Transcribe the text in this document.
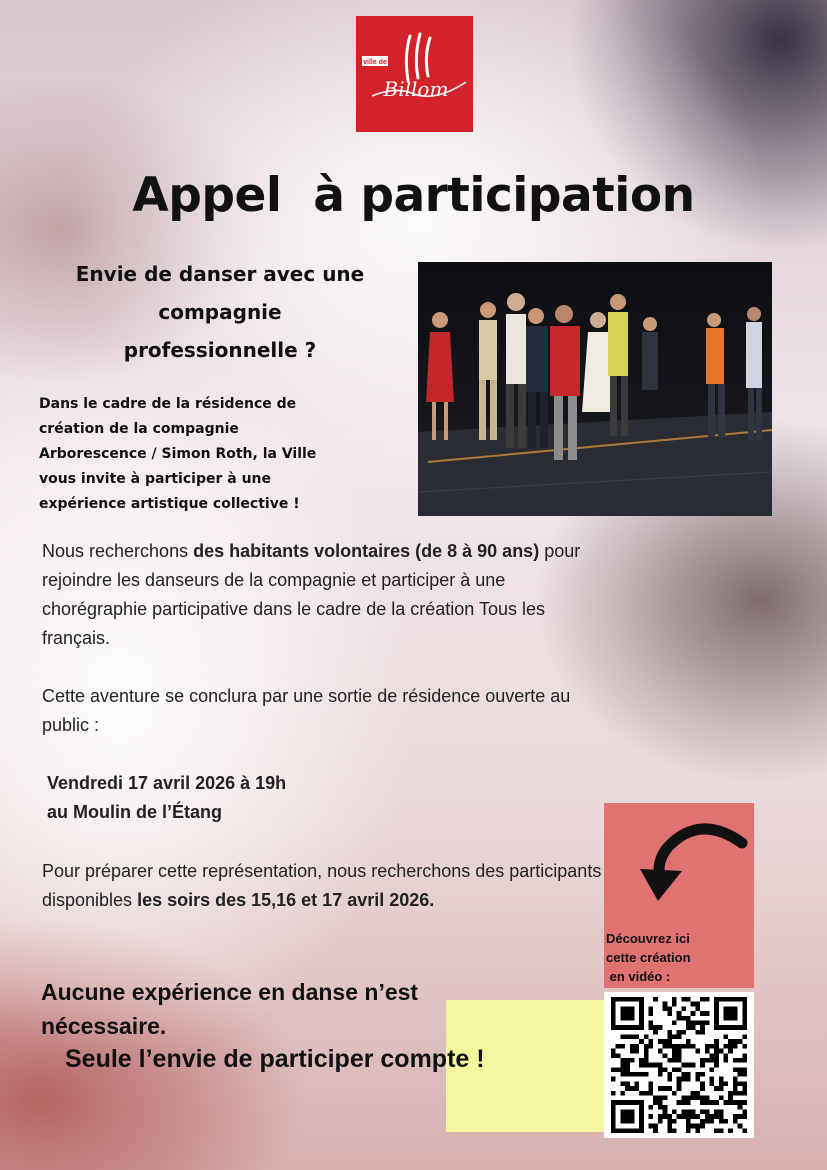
ville de
Billom
Appel  à participation
Envie de danser avec une
compagnie
professionnelle ?
Dans le cadre de la résidence de
création de la compagnie
Arborescence / Simon Roth, la Ville
vous invite à participer à une
expérience artistique collective !
Nous recherchons des habitants volontaires (de 8 à 90 ans) pour rejoindre les danseurs de la compagnie et participer à une chorégraphie participative dans le cadre de la création Tous les français.
Cette aventure se conclura par une sortie de résidence ouverte au public :
Vendredi 17 avril 2026 à 19h
au Moulin de l’Étang
Pour préparer cette représentation, nous recherchons des participants disponibles les soirs des 15,16 et 17 avril 2026.
Aucune expérience en danse n’est nécessaire.
Seule l’envie de participer compte !
Découvrez ici
cette création
en vidéo :
